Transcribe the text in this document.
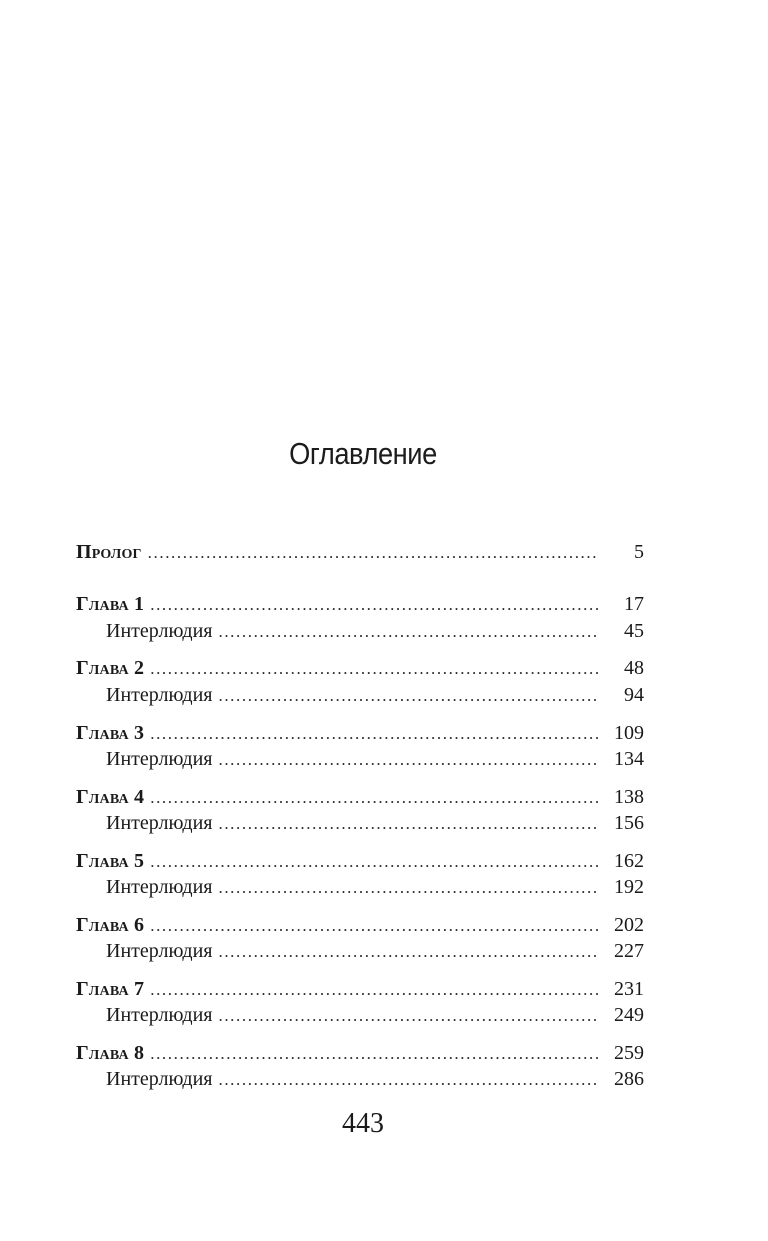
Оглавление
Пролог .....	5
Глава 1 .....	17
Интерлюдия .....	45
Глава 2 .....	48
Интерлюдия .....	94
Глава 3 .....	109
Интерлюдия .....	134
Глава 4 .....	138
Интерлюдия .....	156
Глава 5 .....	162
Интерлюдия .....	192
Глава 6 .....	202
Интерлюдия .....	227
Глава 7 .....	231
Интерлюдия .....	249
Глава 8 .....	259
Интерлюдия .....	286
443
